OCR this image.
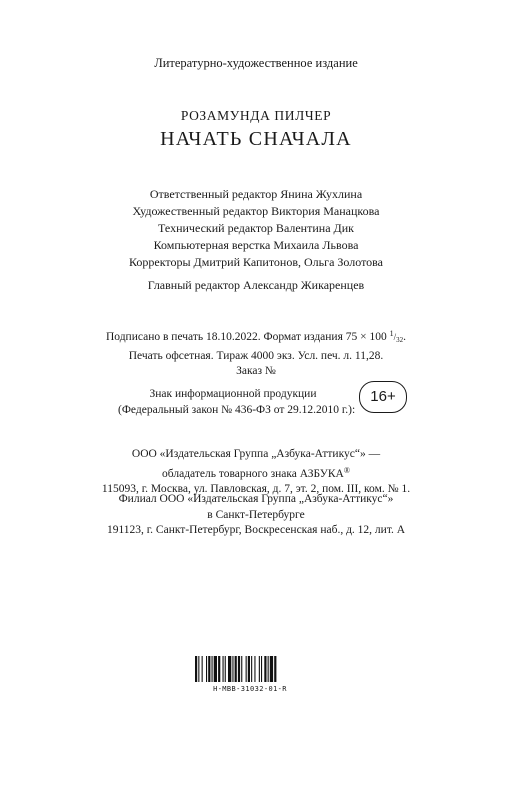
Литературно-художественное издание
РОЗАМУНДА ПИЛЧЕР
НАЧАТЬ СНАЧАЛА
Ответственный редактор Янина Жухлина
Художественный редактор Виктория Манацкова
Технический редактор Валентина Дик
Компьютерная верстка Михаила Львова
Корректоры Дмитрий Капитонов, Ольга Золотова
Главный редактор Александр Жикаренцев
Подписано в печать 18.10.2022. Формат издания 75 × 100 $^1/_{32}$.
Печать офсетная. Тираж 4000 экз. Усл. печ. л. 11,28.
Заказ №
Знак информационной продукции
(Федеральный закон № 436-ФЗ от 29.12.2010 г.):
16+
ООО «Издательская Группа „Азбука-Аттикус“» —
обладатель товарного знака АЗБУКА®
115093, г. Москва, ул. Павловская, д. 7, эт. 2, пом. III, ком. № 1.
Филиал ООО «Издательская Группа „Азбука-Аттикус“»
в Санкт-Петербурге
191123, г. Санкт-Петербург, Воскресенская наб., д. 12, лит. А
Н-МВВ-31032-01-R
